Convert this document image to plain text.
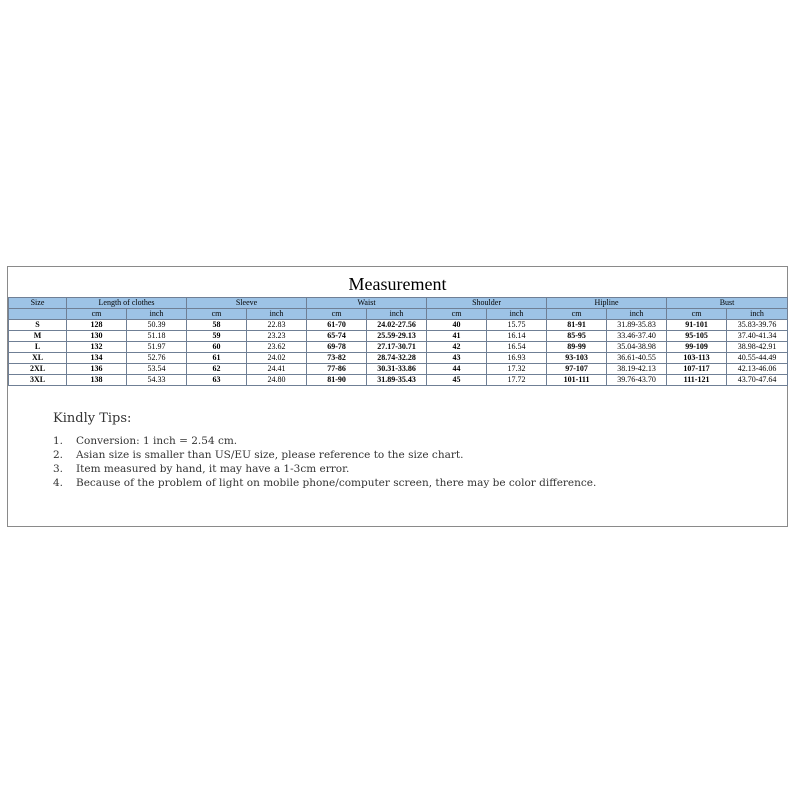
Measurement
Size	Length of clothes		Sleeve		Waist		Shoulder		Hipline		Bust	
	cm	inch	cm	inch	cm	inch	cm	inch	cm	inch	cm	inch
S	128	50.39	58	22.83	61-70	24.02-27.56	40	15.75	81-91	31.89-35.83	91-101	35.83-39.76
M	130	51.18	59	23.23	65-74	25.59-29.13	41	16.14	85-95	33.46-37.40	95-105	37.40-41.34
L	132	51.97	60	23.62	69-78	27.17-30.71	42	16.54	89-99	35.04-38.98	99-109	38.98-42.91
XL	134	52.76	61	24.02	73-82	28.74-32.28	43	16.93	93-103	36.61-40.55	103-113	40.55-44.49
2XL	136	53.54	62	24.41	77-86	30.31-33.86	44	17.32	97-107	38.19-42.13	107-117	42.13-46.06
3XL	138	54.33	63	24.80	81-90	31.89-35.43	45	17.72	101-111	39.76-43.70	111-121	43.70-47.64
Kindly Tips:
1. Conversion: 1 inch = 2.54 cm.
2. Asian size is smaller than US/EU size, please reference to the size chart.
3. Item measured by hand, it may have a 1-3cm error.
4. Because of the problem of light on mobile phone/computer screen, there may be color difference.
